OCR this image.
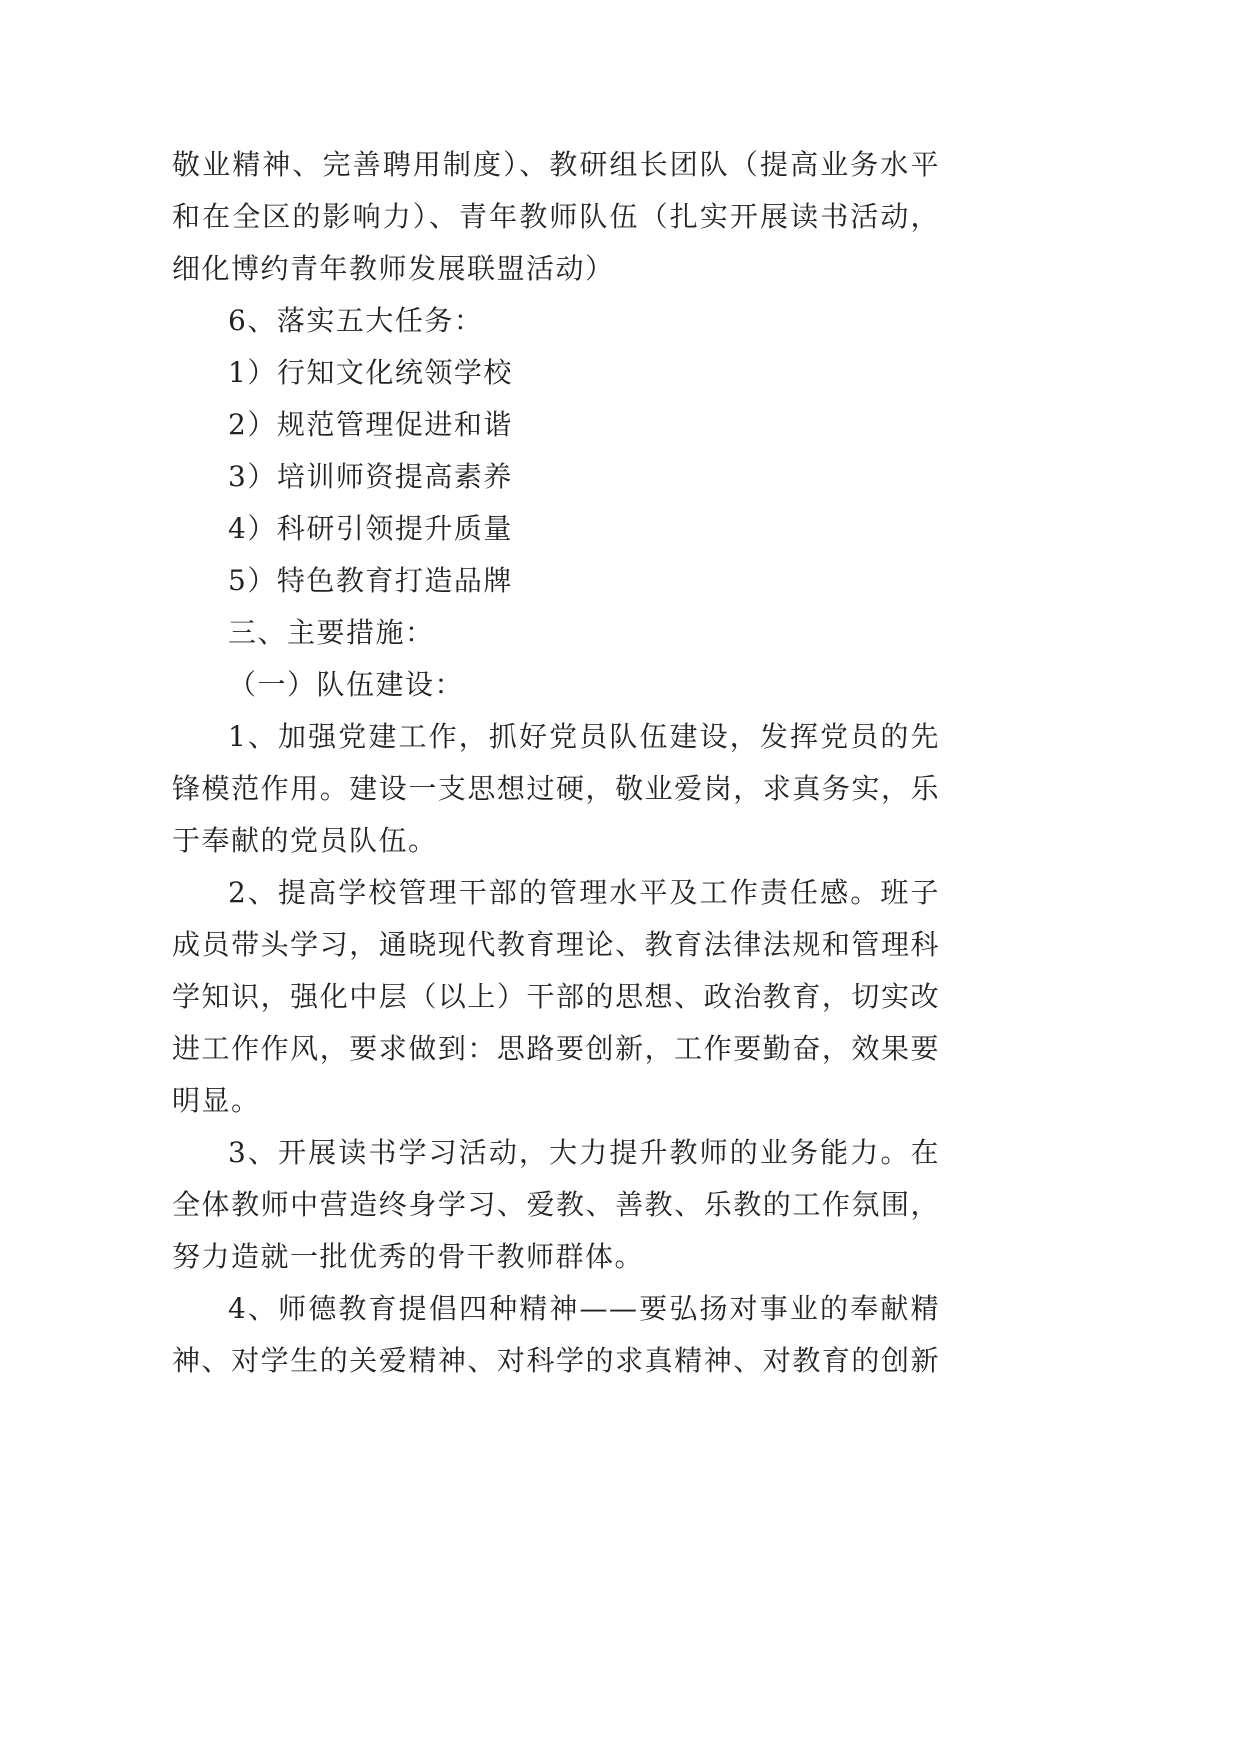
敬业精神、完善聘用制度）、教研组长团队（提高业务水平
和在全区的影响力）、青年教师队伍（扎实开展读书活动，
细化博约青年教师发展联盟活动）
6、落实五大任务：
1）行知文化统领学校
2）规范管理促进和谐
3）培训师资提高素养
4）科研引领提升质量
5）特色教育打造品牌
三、主要措施：
（一）队伍建设：
1、加强党建工作，抓好党员队伍建设，发挥党员的先
锋模范作用。建设一支思想过硬，敬业爱岗，求真务实，乐
于奉献的党员队伍。
2、提高学校管理干部的管理水平及工作责任感。班子
成员带头学习，通晓现代教育理论、教育法律法规和管理科
学知识，强化中层（以上）干部的思想、政治教育，切实改
进工作作风，要求做到：思路要创新，工作要勤奋，效果要
明显。
3、开展读书学习活动，大力提升教师的业务能力。在
全体教师中营造终身学习、爱教、善教、乐教的工作氛围，
努力造就一批优秀的骨干教师群体。
4、师德教育提倡四种精神——要弘扬对事业的奉献精
神、对学生的关爱精神、对科学的求真精神、对教育的创新
